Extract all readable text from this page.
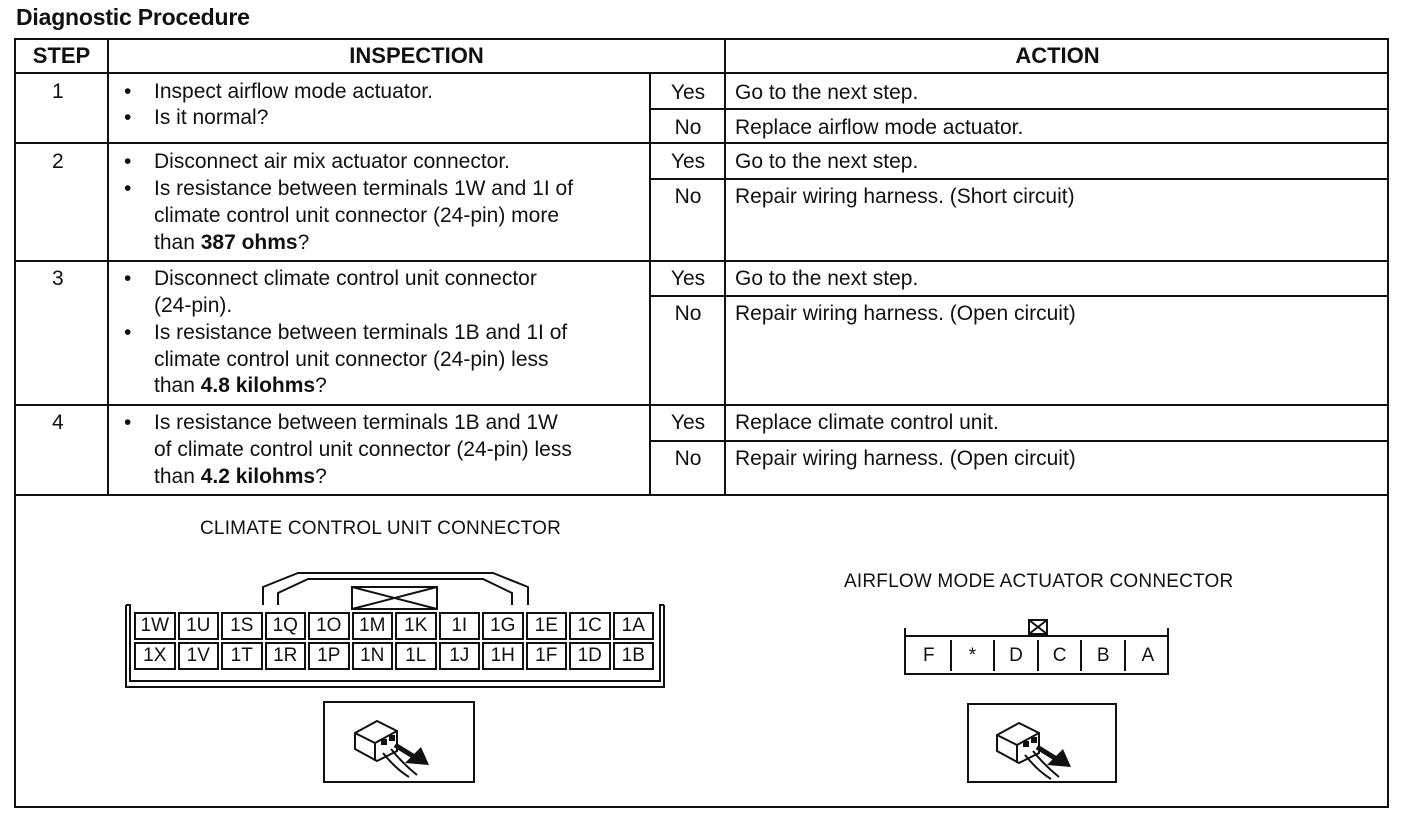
Diagnostic Procedure
STEP	INSPECTION	ACTION
1	• Inspect airflow mode actuator.
• Is it normal?
Yes	Go to the next step.
No	Replace airflow mode actuator.
2	• Disconnect air mix actuator connector.
• Is resistance between terminals 1W and 1I of
climate control unit connector (24-pin) more
than 387 ohms?
Yes	Go to the next step.
No	Repair wiring harness. (Short circuit)
3	• Disconnect climate control unit connector
(24-pin).
• Is resistance between terminals 1B and 1I of
climate control unit connector (24-pin) less
than 4.8 kilohms?
Yes	Go to the next step.
No	Repair wiring harness. (Open circuit)
4	• Is resistance between terminals 1B and 1W
of climate control unit connector (24-pin) less
than 4.2 kilohms?
Yes	Replace climate control unit.
No	Repair wiring harness. (Open circuit)
CLIMATE CONTROL UNIT CONNECTOR
1W 1U	1S	1Q 1O 1M 1K	1I	1G	1E	1C	1A
1X	1V	1T	1R	1P	1N	1L	1J	1H	1F	1D	1B
AIRFLOW MODE ACTUATOR CONNECTOR
F	*	D	C	B	A
